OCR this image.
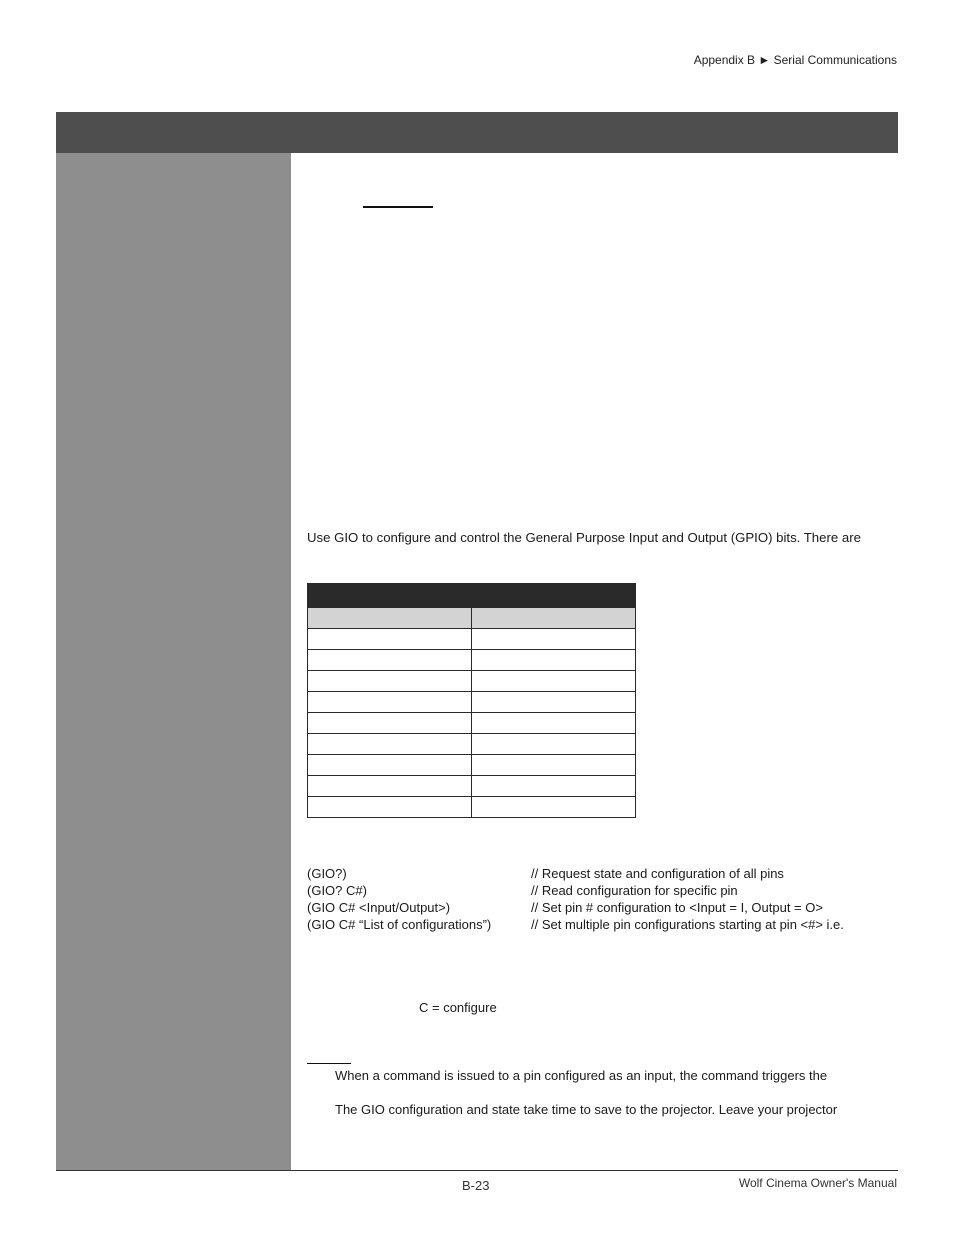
Appendix B ► Serial Communications
Use GIO to configure and control the General Purpose Input and Output (GPIO) bits. There are

(GIO?)	// Request state and configuration of all pins
(GIO? C#)	// Read configuration for specific pin
(GIO C# <Input/Output>)	// Set pin # configuration to <Input = I, Output = O>
(GIO C# “List of configurations”)	// Set multiple pin configurations starting at pin <#> i.e.
C = configure
When a command is issued to a pin configured as an input, the command triggers the
The GIO configuration and state take time to save to the projector. Leave your projector
B-23	Wolf Cinema Owner's Manual
